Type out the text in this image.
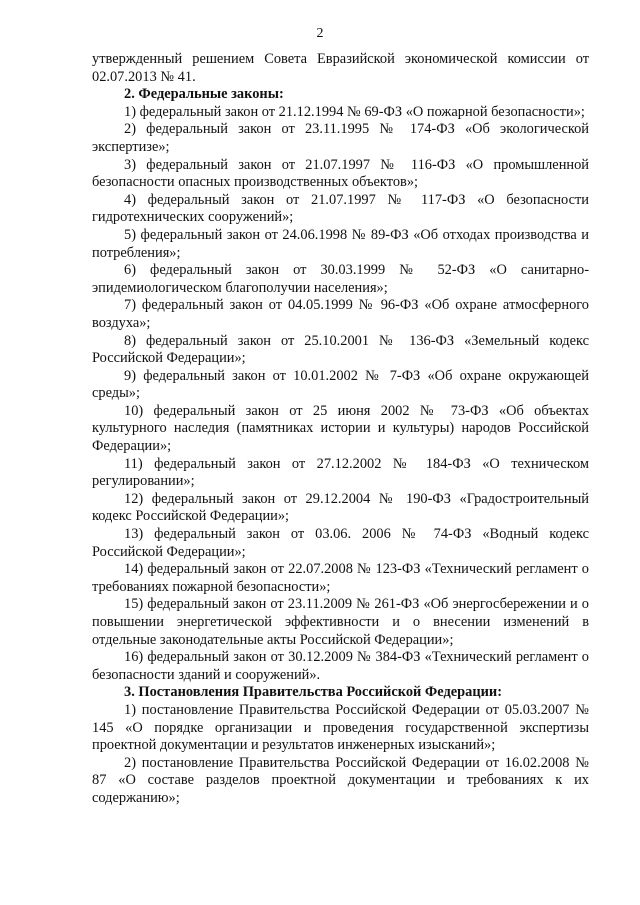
2

утвержденный решением Совета Евразийской экономической комиссии от 02.07.2013 № 41.

2. Федеральные законы:

1) федеральный закон от 21.12.1994 № 69-ФЗ «О пожарной безопасности»;

2) федеральный закон от 23.11.1995 № 174-ФЗ «Об экологической экспертизе»;

3) федеральный закон от 21.07.1997 № 116-ФЗ «О промышленной безопасности опасных производственных объектов»;

4) федеральный закон от 21.07.1997 № 117-ФЗ «О безопасности гидротехнических сооружений»;

5) федеральный закон от 24.06.1998 № 89-ФЗ «Об отходах производства и потребления»;

6) федеральный закон от 30.03.1999 № 52-ФЗ «О санитарно-эпидемиологическом благополучии населения»;

7) федеральный закон от 04.05.1999 № 96-ФЗ «Об охране атмосферного воздуха»;

8) федеральный закон от 25.10.2001 № 136-ФЗ «Земельный кодекс Российской Федерации»;

9) федеральный закон от 10.01.2002 № 7-ФЗ «Об охране окружающей среды»;

10) федеральный закон от 25 июня 2002 № 73-ФЗ «Об объектах культурного наследия (памятниках истории и культуры) народов Российской Федерации»;

11) федеральный закон от 27.12.2002 № 184-ФЗ «О техническом регулировании»;

12) федеральный закон от 29.12.2004 № 190-ФЗ «Градостроительный кодекс Российской Федерации»;

13) федеральный закон от 03.06. 2006 № 74-ФЗ «Водный кодекс Российской Федерации»;

14) федеральный закон от 22.07.2008 № 123-ФЗ «Технический регламент о требованиях пожарной безопасности»;

15) федеральный закон от 23.11.2009 № 261-ФЗ «Об энергосбережении и о повышении энергетической эффективности и о внесении изменений в отдельные законодательные акты Российской Федерации»;

16) федеральный закон от 30.12.2009 № 384-ФЗ «Технический регламент о безопасности зданий и сооружений».

3. Постановления Правительства Российской Федерации:

1) постановление Правительства Российской Федерации от 05.03.2007 № 145 «О порядке организации и проведения государственной экспертизы проектной документации и результатов инженерных изысканий»;

2) постановление Правительства Российской Федерации от 16.02.2008 № 87 «О составе разделов проектной документации и требованиях к их содержанию»;
